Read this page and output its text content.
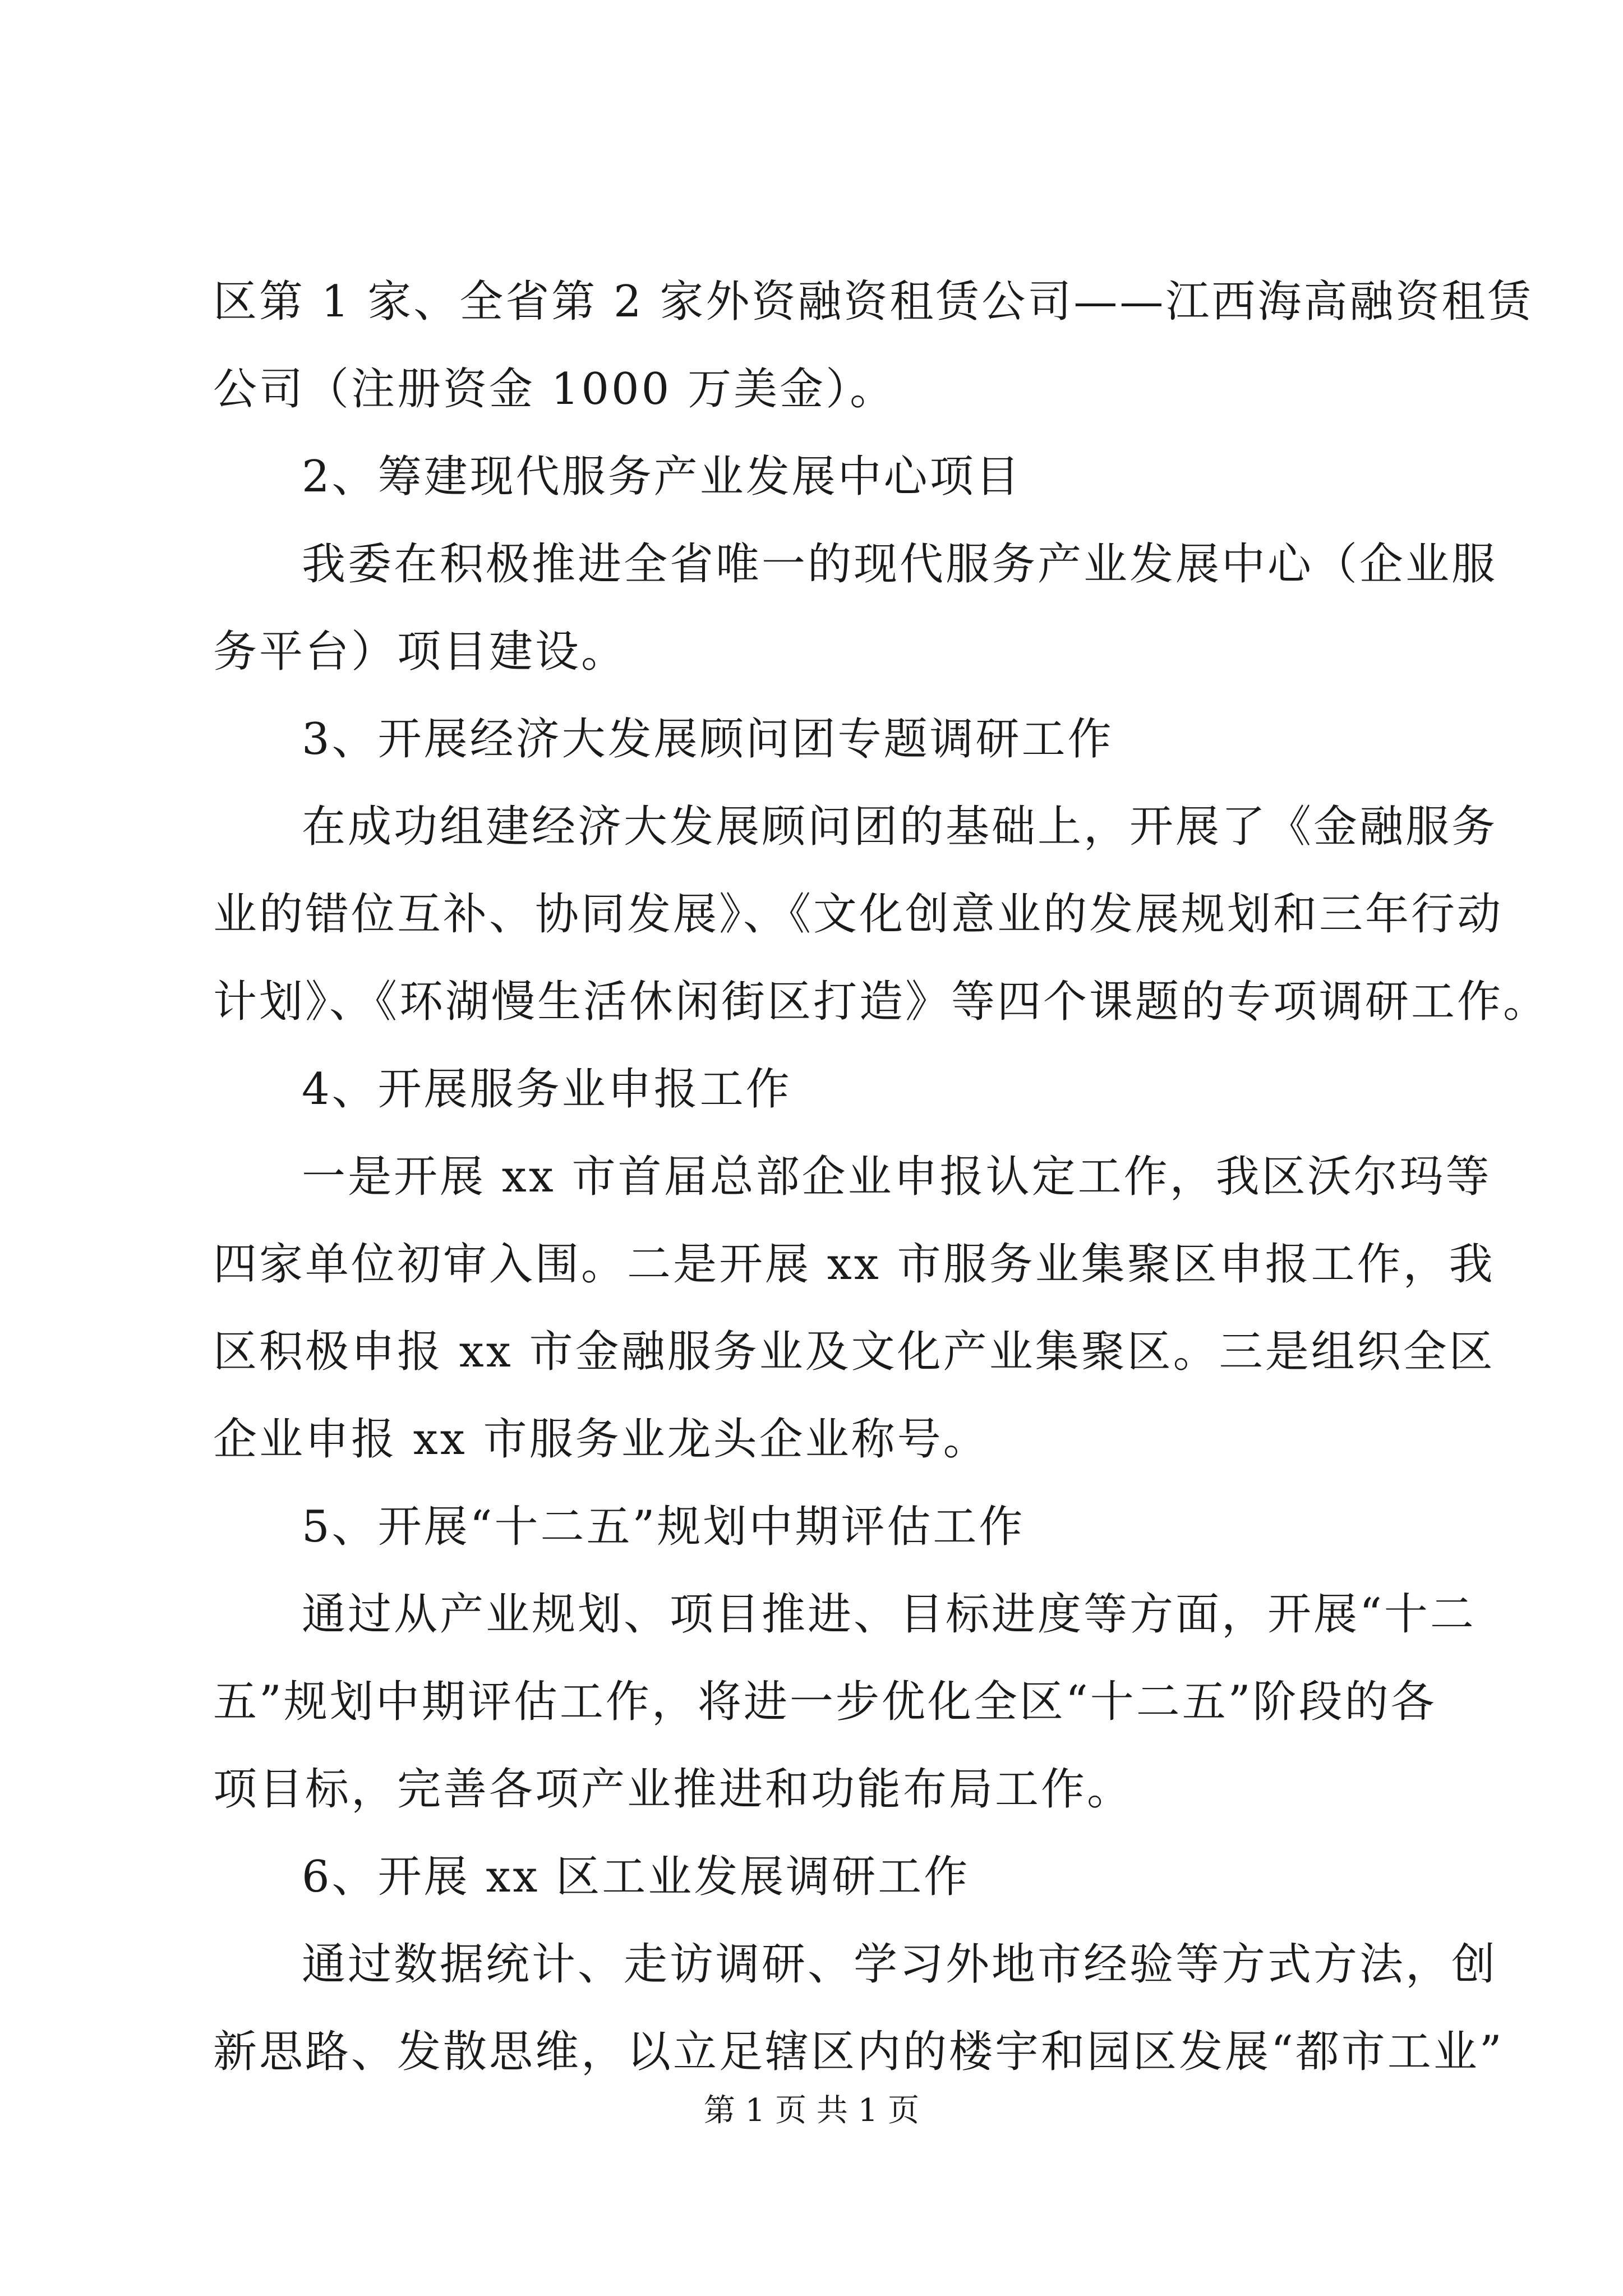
区第 1 家、全省第 2 家外资融资租赁公司——江西海高融资租赁
公司（注册资金 1000 万美金）。
2、筹建现代服务产业发展中心项目
我委在积极推进全省唯一的现代服务产业发展中心（企业服
务平台）项目建设。
3、开展经济大发展顾问团专题调研工作
在成功组建经济大发展顾问团的基础上，开展了《金融服务
业的错位互补、协同发展》、《文化创意业的发展规划和三年行动
计划》、《环湖慢生活休闲街区打造》等四个课题的专项调研工作。
4、开展服务业申报工作
一是开展 xx 市首届总部企业申报认定工作，我区沃尔玛等
四家单位初审入围。二是开展 xx 市服务业集聚区申报工作，我
区积极申报 xx 市金融服务业及文化产业集聚区。三是组织全区
企业申报 xx 市服务业龙头企业称号。
5、开展“十二五”规划中期评估工作
通过从产业规划、项目推进、目标进度等方面，开展“十二
五”规划中期评估工作，将进一步优化全区“十二五”阶段的各
项目标，完善各项产业推进和功能布局工作。
6、开展 xx 区工业发展调研工作
通过数据统计、走访调研、学习外地市经验等方式方法，创
新思路、发散思维，以立足辖区内的楼宇和园区发展“都市工业”
第 1 页 共 1 页
